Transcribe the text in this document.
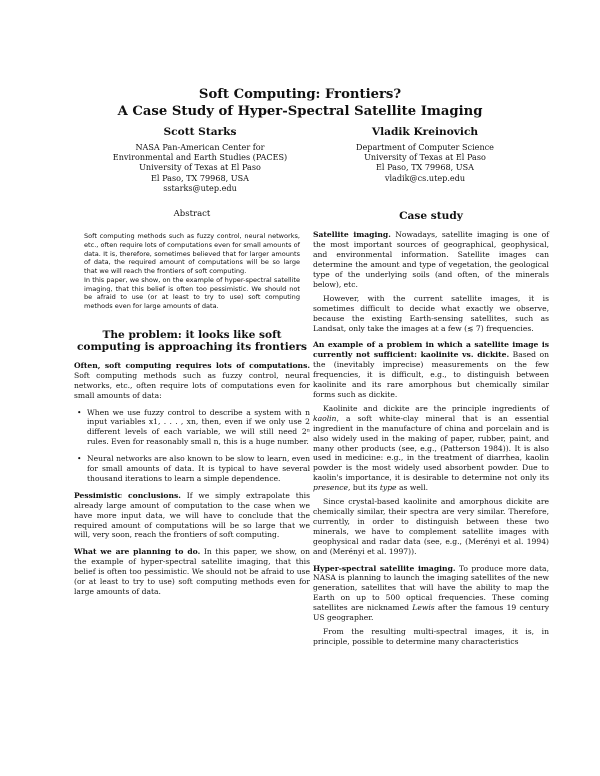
Soft Computing: Frontiers?
A Case Study of Hyper-Spectral Satellite Imaging
Scott Starks
NASA Pan-American Center for
Environmental and Earth Studies (PACES)
University of Texas at El Paso
El Paso, TX 79968, USA
sstarks@utep.edu
Vladik Kreinovich
Department of Computer Science
University of Texas at El Paso
El Paso, TX 79968, USA
vladik@cs.utep.edu
Abstract

Soft computing methods such as fuzzy control, neural networks, etc., often require lots of computations even for small amounts of data. It is, therefore, sometimes believed that for larger amounts of data, the required amount of computations will be so large that we will reach the frontiers of soft computing.

In this paper, we show, on the example of hyper-spectral satellite imaging, that this belief is often too pessimistic. We should not be afraid to use (or at least to try to use) soft computing methods even for large amounts of data.

The problem: it looks like soft

computing is approaching its frontiers

Often, soft computing requires lots of computations. Soft computing methods such as fuzzy control, neural networks, etc., often require lots of computations even for small amounts of data:

• When we use fuzzy control to describe a system with n input variables x1, . . . , xn, then, even if we only use 2 different levels of each variable, we will still need 2ⁿ rules. Even for reasonably small n, this is a huge number.
• Neural networks are also known to be slow to learn, even for small amounts of data. It is typical to have several thousand iterations to learn a simple dependence.

Pessimistic conclusions. If we simply extrapolate this already large amount of computation to the case when we have more input data, we will have to conclude that the required amount of computations will be so large that we will, very soon, reach the frontiers of soft computing.

What we are planning to do. In this paper, we show, on the example of hyper-spectral satellite imaging, that this belief is often too pessimistic. We should not be afraid to use (or at least to try to use) soft computing methods even for large amounts of data.

Case study

Satellite imaging. Nowadays, satellite imaging is one of the most important sources of geographical, geophysical, and environmental information. Satellite images can determine the amount and type of vegetation, the geological type of the underlying soils (and often, of the minerals below), etc.

However, with the current satellite images, it is sometimes difficult to decide what exactly we observe, because the existing Earth-sensing satellites, such as Landsat, only take the images at a few (≲ 7) frequencies.

An example of a problem in which a satellite image is currently not sufficient: kaolinite vs. dickite. Based on the (inevitably imprecise) measurements on the few frequencies, it is difficult, e.g., to distinguish between kaolinite and its rare amorphous but chemically similar forms such as dickite.

Kaolinite and dickite are the principle ingredients of kaolin, a soft white-clay mineral that is an essential ingredient in the manufacture of china and porcelain and is also widely used in the making of paper, rubber, paint, and many other products (see, e.g., (Patterson 1984)). It is also used in medicine: e.g., in the treatment of diarrhea, kaolin powder is the most widely used absorbent powder. Due to kaolin's importance, it is desirable to determine not only its presence, but its type as well.

Since crystal-based kaolinite and amorphous dickite are chemically similar, their spectra are very similar. Therefore, currently, in order to distinguish between these two minerals, we have to complement satellite images with geophysical and radar data (see, e.g., (Merényi et al. 1994) and (Merényi et al. 1997)).

Hyper-spectral satellite imaging. To produce more data, NASA is planning to launch the imaging satellites of the new generation, satellites that will have the ability to map the Earth on up to 500 optical frequencies. These coming satellites are nicknamed Lewis after the famous 19 century US geographer.

From the resulting multi-spectral images, it is, in principle, possible to determine many characteristics
